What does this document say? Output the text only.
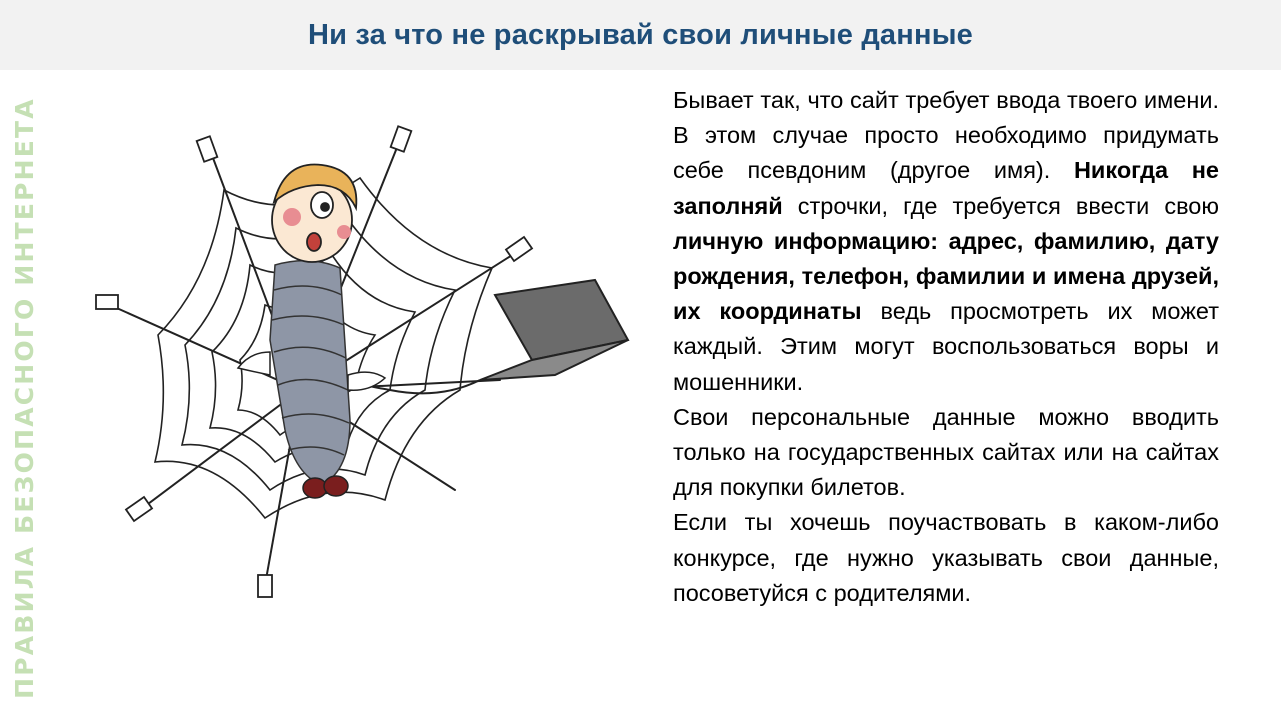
Ни за что не раскрывай свои личные данные
ПРАВИЛА БЕЗОПАСНОГО ИНТЕРНЕТА	Бывает так, что сайт требует ввода твоего имени. В этом случае просто необходимо придумать себе псевдоним (другое имя). Никогда не заполняй строчки, где требуется ввести свою личную информацию: адрес, фамилию, дату рождения, телефон, фамилии и имена друзей, их координаты ведь просмотреть их может каждый. Этим могут воспользоваться воры и мошенники.

Свои персональные данные можно вводить только на государственных сайтах или на сайтах для покупки билетов.

Если ты хочешь поучаствовать в каком-либо конкурсе, где нужно указывать свои данные, посоветуйся с родителями.
